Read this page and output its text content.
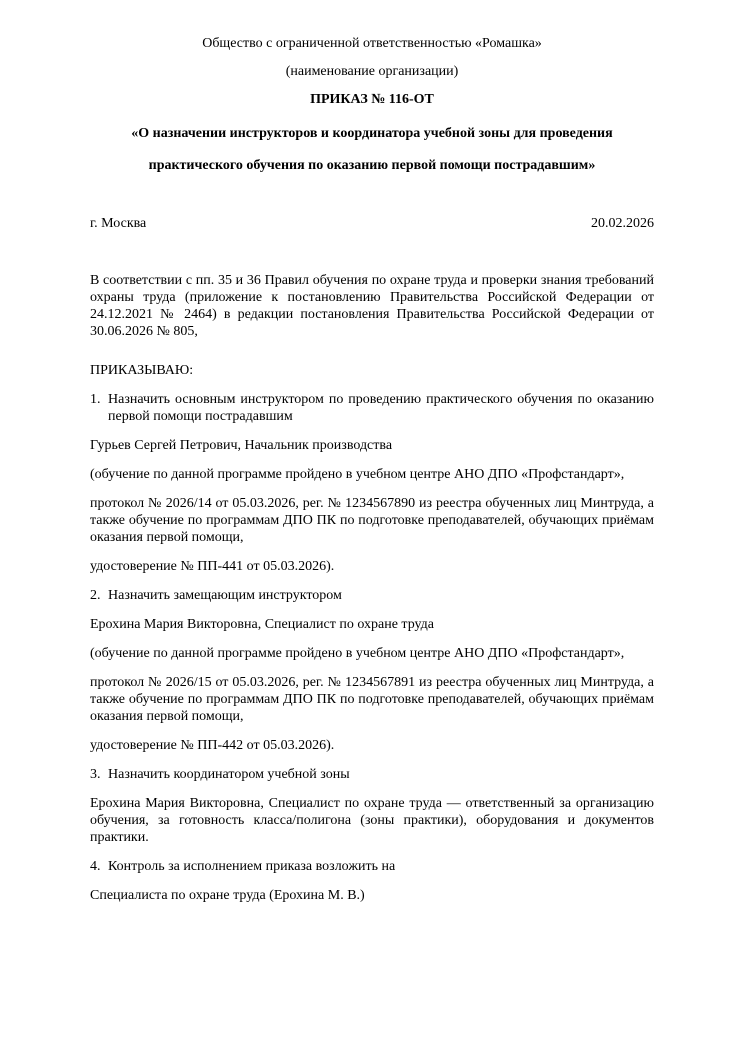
Общество с ограниченной ответственностью «Ромашка»
(наименование организации)
ПРИКАЗ № 116-ОТ
«О назначении инструкторов и координатора учебной зоны для проведения практического обучения по оказанию первой помощи пострадавшим»
г. Москва	20.02.2026

В соответствии с пп. 35 и 36 Правил обучения по охране труда и проверки знания требований охраны труда (приложение к постановлению Правительства Российской Федерации от 24.12.2021 № 2464) в редакции постановления Правительства Российской Федерации от 30.06.2026 № 805,

ПРИКАЗЫВАЮ:

1. Назначить основным инструктором по проведению практического обучения по оказанию первой помощи пострадавшим

Гурьев Сергей Петрович, Начальник производства

(обучение по данной программе пройдено в учебном центре АНО ДПО «Профстандарт»,

протокол № 2026/14 от 05.03.2026, рег. № 1234567890 из реестра обученных лиц Минтруда, а также обучение по программам ДПО ПК по подготовке преподавателей, обучающих приёмам оказания первой помощи,

удостоверение № ПП-441 от 05.03.2026).

2. Назначить замещающим инструктором

Ерохина Мария Викторовна, Специалист по охране труда

(обучение по данной программе пройдено в учебном центре АНО ДПО «Профстандарт»,

протокол № 2026/15 от 05.03.2026, рег. № 1234567891 из реестра обученных лиц Минтруда, а также обучение по программам ДПО ПК по подготовке преподавателей, обучающих приёмам оказания первой помощи,

удостоверение № ПП-442 от 05.03.2026).

3. Назначить координатором учебной зоны

Ерохина Мария Викторовна, Специалист по охране труда — ответственный за организацию обучения, за готовность класса/полигона (зоны практики), оборудования и документов практики.

4. Контроль за исполнением приказа возложить на

Специалиста по охране труда (Ерохина М. В.)
